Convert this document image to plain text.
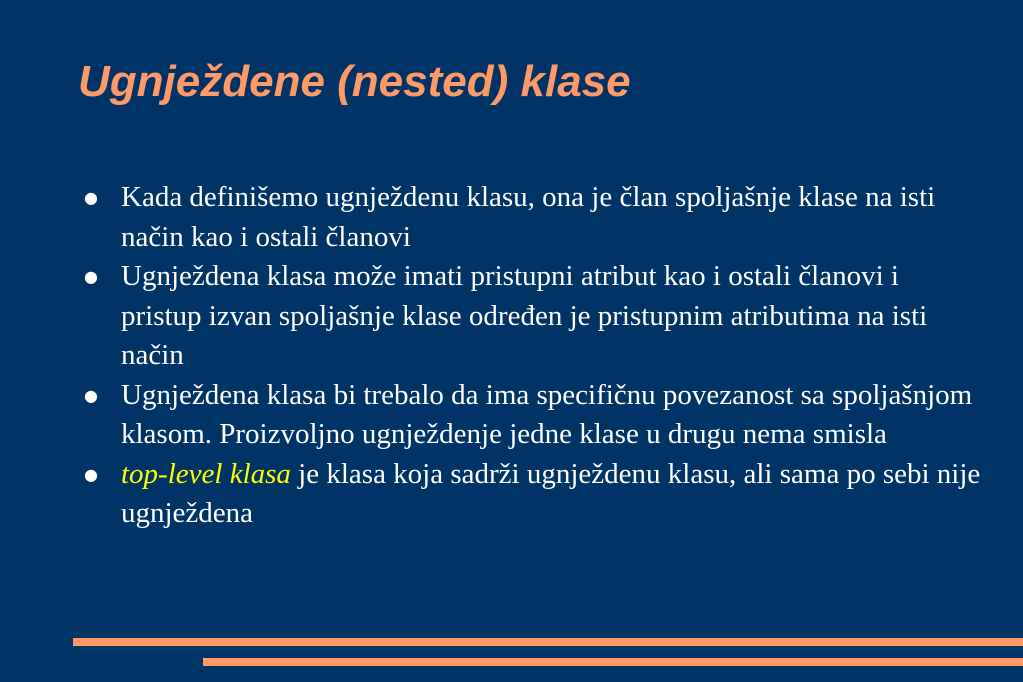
Ugnježdene (nested) klase
● Kada definišemo ugnježdenu klasu, ona je član spoljašnje klase na isti način kao i ostali članovi
● Ugnježdena klasa može imati pristupni atribut kao i ostali članovi i pristup izvan spoljašnje klase određen je pristupnim atributima na isti način
● Ugnježdena klasa bi trebalo da ima specifičnu povezanost sa spoljašnjom klasom. Proizvoljno ugnježdenje jedne klase u drugu nema smisla
● top-level klasa je klasa koja sadrži ugnježdenu klasu, ali sama po sebi nije ugnježdena
